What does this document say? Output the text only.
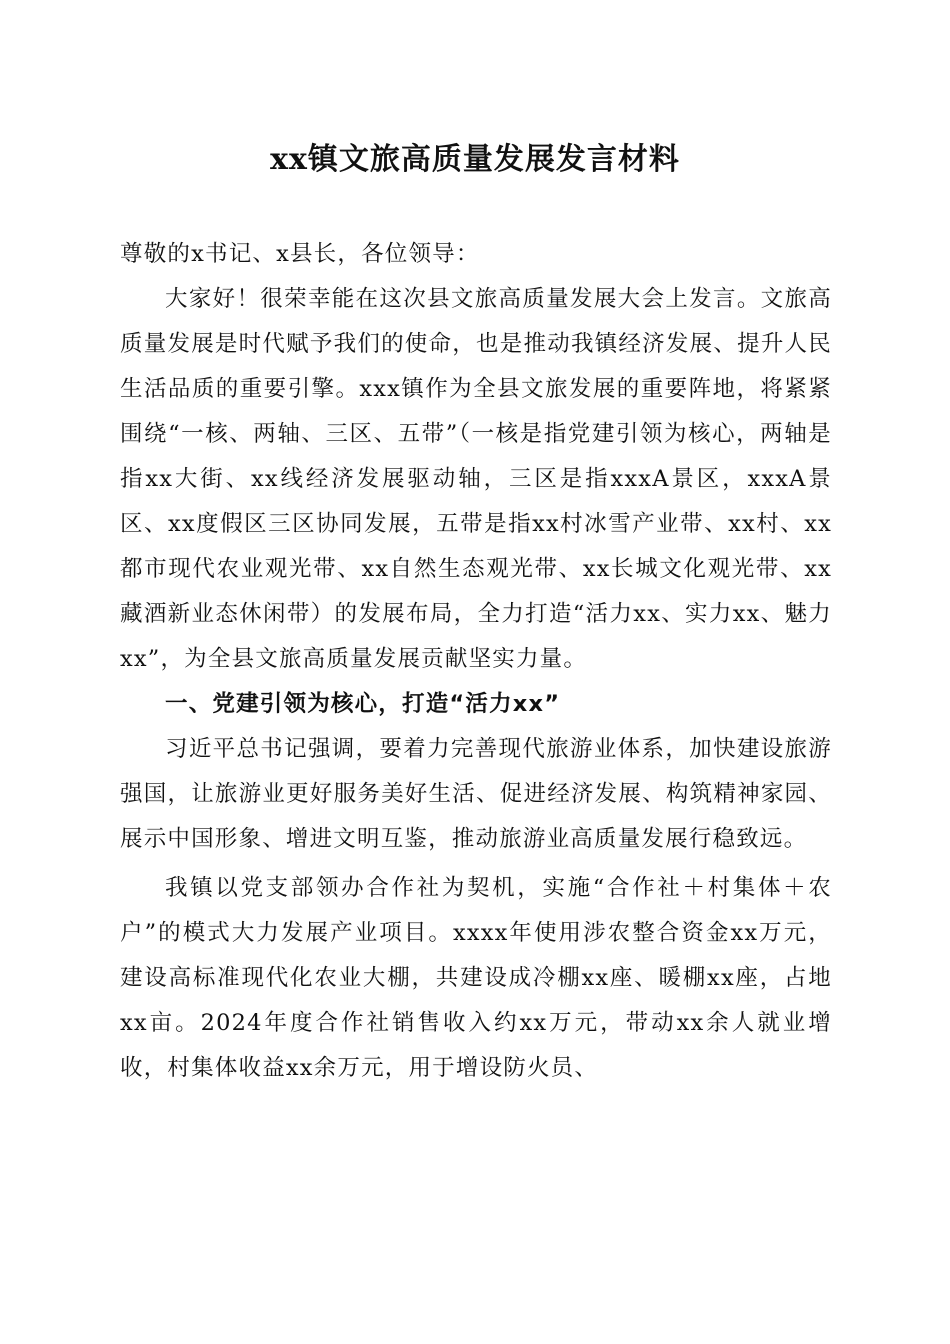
xx镇文旅高质量发展发言材料

尊敬的x书记、x县长，各位领导：

大家好！很荣幸能在这次县文旅高质量发展大会上发言。文旅高质量发展是时代赋予我们的使命，也是推动我镇经济发展、提升人民生活品质的重要引擎。xxx镇作为全县文旅发展的重要阵地，将紧紧围绕“一核、两轴、三区、五带”（一核是指党建引领为核心，两轴是指xx大街、xx线经济发展驱动轴，三区是指xxxA景区，xxxA景区、xx度假区三区协同发展，五带是指xx村冰雪产业带、xx村、xx都市现代农业观光带、xx自然生态观光带、xx长城文化观光带、xx藏酒新业态休闲带）的发展布局，全力打造“活力xx、实力xx、魅力xx”，为全县文旅高质量发展贡献坚实力量。

一、党建引领为核心，打造“活力xx”

习近平总书记强调，要着力完善现代旅游业体系，加快建设旅游强国，让旅游业更好服务美好生活、促进经济发展、构筑精神家园、展示中国形象、增进文明互鉴，推动旅游业高质量发展行稳致远。

我镇以党支部领办合作社为契机，实施“合作社＋村集体＋农户”的模式大力发展产业项目。xxxx年使用涉农整合资金xx万元，建设高标准现代化农业大棚，共建设成冷棚xx座、暖棚xx座，占地xx亩。2024年度合作社销售收入约xx万元，带动xx余人就业增收，村集体收益xx余万元，用于增设防火员、
